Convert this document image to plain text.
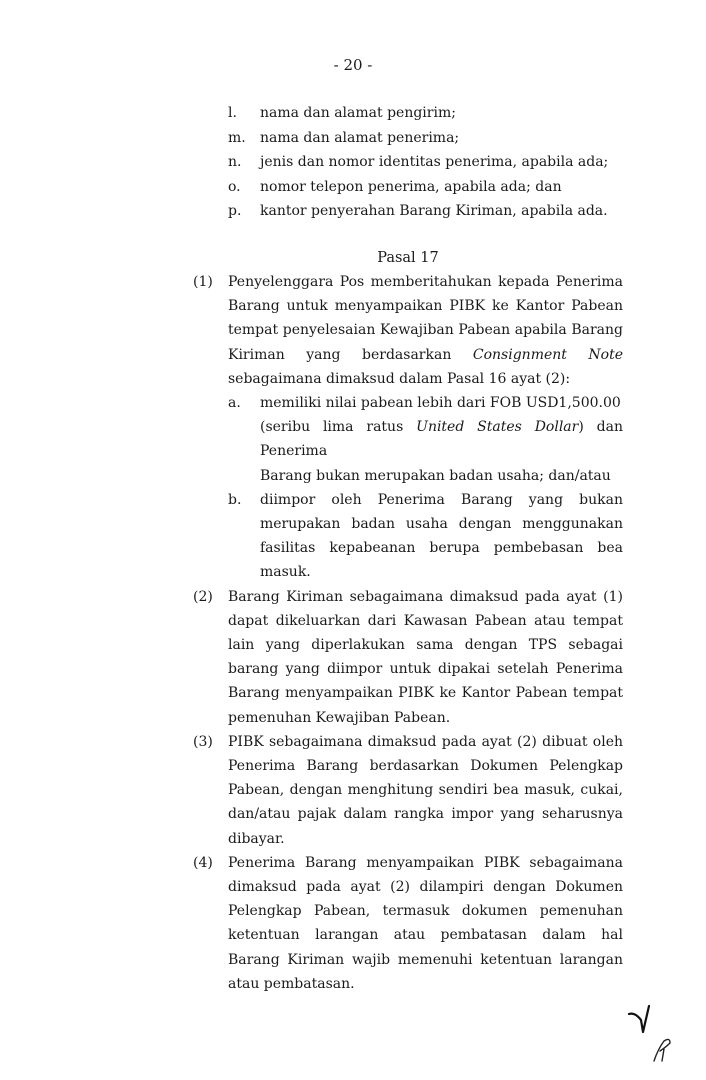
- 20 -
l.	nama dan alamat pengirim;
m.	nama dan alamat penerima;
n.	jenis dan nomor identitas penerima, apabila ada;
o.	nomor telepon penerima, apabila ada; dan
p.	kantor penyerahan Barang Kiriman, apabila ada.
Pasal 17
(1)	Penyelenggara Pos memberitahukan kepada Penerima

Barang untuk menyampaikan PIBK ke Kantor Pabean

tempat penyelesaian Kewajiban Pabean apabila Barang

Kiriman yang berdasarkan Consignment Note

sebagaimana dimaksud dalam Pasal 16 ayat (2):

a.	memiliki nilai pabean lebih dari FOB USD1,500.00

(seribu lima ratus United States Dollar) dan Penerima

Barang bukan merupakan badan usaha; dan/atau

b.	diimpor oleh Penerima Barang yang bukan merupakan badan usaha dengan menggunakan fasilitas kepabeanan berupa pembebasan bea masuk.
(2)	Barang Kiriman sebagaimana dimaksud pada ayat (1) dapat dikeluarkan dari Kawasan Pabean atau tempat lain yang diperlakukan sama dengan TPS sebagai barang yang diimpor untuk dipakai setelah Penerima Barang menyampaikan PIBK ke Kantor Pabean tempat pemenuhan Kewajiban Pabean.
(3)	PIBK sebagaimana dimaksud pada ayat (2) dibuat oleh Penerima Barang berdasarkan Dokumen Pelengkap Pabean, dengan menghitung sendiri bea masuk, cukai, dan/atau pajak dalam rangka impor yang seharusnya dibayar.
(4)	Penerima Barang menyampaikan PIBK sebagaimana dimaksud pada ayat (2) dilampiri dengan Dokumen Pelengkap Pabean, termasuk dokumen pemenuhan ketentuan larangan atau pembatasan dalam hal Barang Kiriman wajib memenuhi ketentuan larangan atau pembatasan.
